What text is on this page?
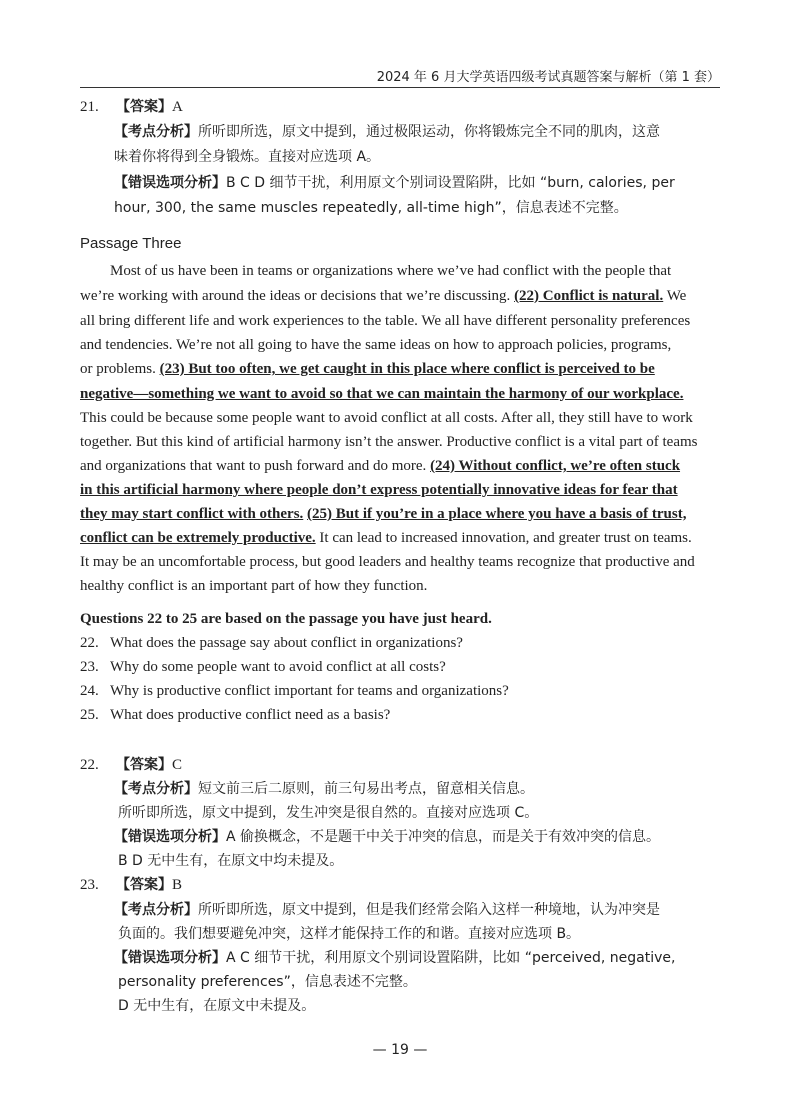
2024 年 6 月大学英语四级考试真题答案与解析（第 1 套）
21. 【答案】A
【考点分析】所听即所选，原文中提到，通过极限运动，你将锻炼完全不同的肌肉，这意
味着你将得到全身锻炼。直接对应选项 A。
【错误选项分析】B C D 细节干扰，利用原文个别词设置陷阱，比如 “burn, calories, per
hour, 300, the same muscles repeatedly, all-time high”，信息表述不完整。
Passage Three
Most of us have been in teams or organizations where we’ve had conflict with the people that
we’re working with around the ideas or decisions that we’re discussing. (22) Conflict is natural. We
all bring different life and work experiences to the table. We all have different personality preferences
and tendencies. We’re not all going to have the same ideas on how to approach policies, programs,
or problems. (23) But too often, we get caught in this place where conflict is perceived to be
negative—something we want to avoid so that we can maintain the harmony of our workplace.
This could be because some people want to avoid conflict at all costs. After all, they still have to work
together. But this kind of artificial harmony isn’t the answer. Productive conflict is a vital part of teams
and organizations that want to push forward and do more. (24) Without conflict, we’re often stuck
in this artificial harmony where people don’t express potentially innovative ideas for fear that
they may start conflict with others. (25) But if you’re in a place where you have a basis of trust,
conflict can be extremely productive. It can lead to increased innovation, and greater trust on teams.
It may be an uncomfortable process, but good leaders and healthy teams recognize that productive and
healthy conflict is an important part of how they function.
Questions 22 to 25 are based on the passage you have just heard.
22. What does the passage say about conflict in organizations?
23. Why do some people want to avoid conflict at all costs?
24. Why is productive conflict important for teams and organizations?
25. What does productive conflict need as a basis?
22. 【答案】C
【考点分析】短文前三后二原则，前三句易出考点，留意相关信息。
所听即所选，原文中提到，发生冲突是很自然的。直接对应选项 C。
【错误选项分析】A 偷换概念，不是题干中关于冲突的信息，而是关于有效冲突的信息。
B D 无中生有，在原文中均未提及。
23. 【答案】B
【考点分析】所听即所选，原文中提到，但是我们经常会陷入这样一种境地，认为冲突是
负面的。我们想要避免冲突，这样才能保持工作的和谐。直接对应选项 B。
【错误选项分析】A C 细节干扰，利用原文个别词设置陷阱，比如 “perceived, negative,
personality preferences”，信息表述不完整。
D 无中生有，在原文中未提及。
— 19 —
